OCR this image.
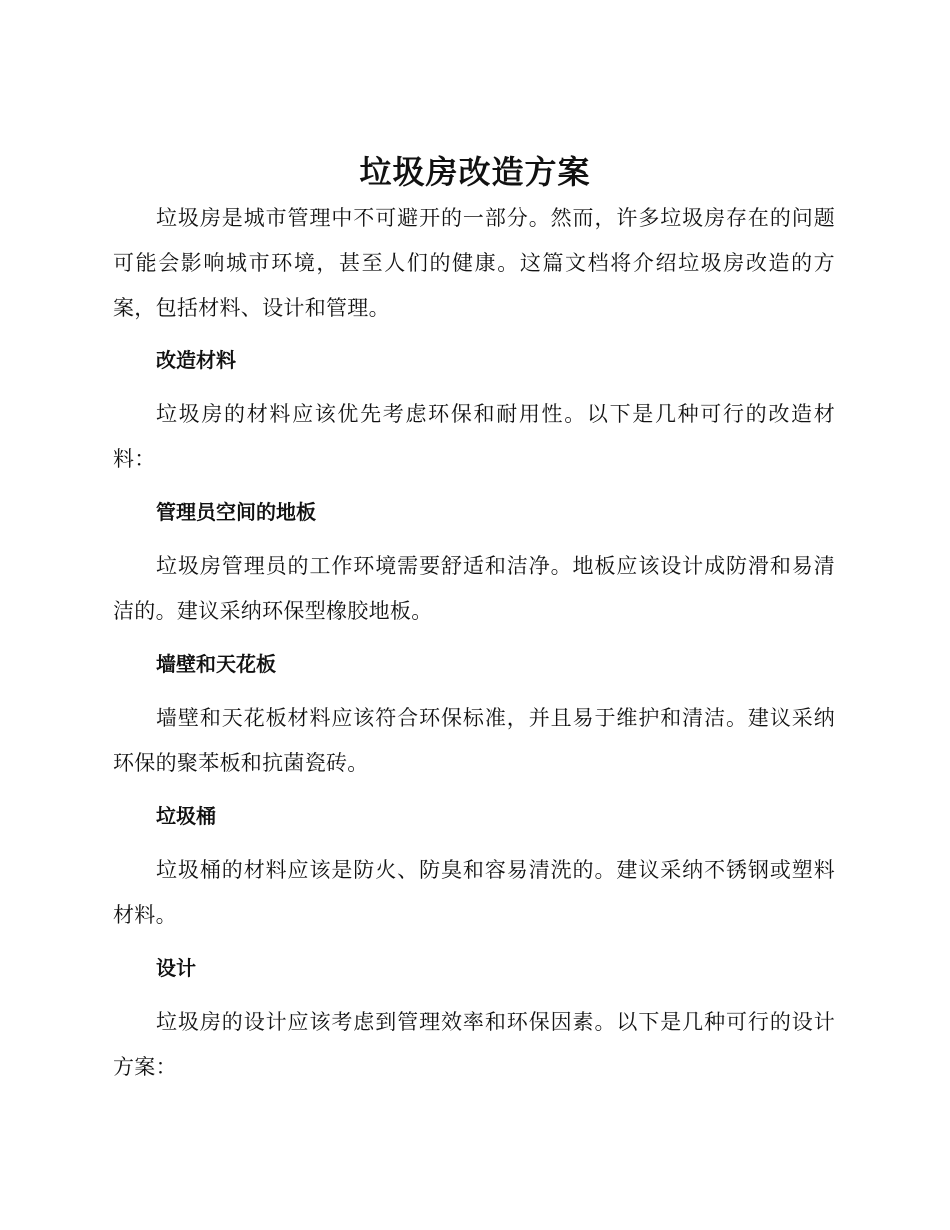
垃圾房改造方案

垃圾房是城市管理中不可避开的一部分。然而，许多垃圾房存在的问题可能会影响城市环境，甚至人们的健康。这篇文档将介绍垃圾房改造的方案，包括材料、设计和管理。

改造材料

垃圾房的材料应该优先考虑环保和耐用性。以下是几种可行的改造材料：

管理员空间的地板

垃圾房管理员的工作环境需要舒适和洁净。地板应该设计成防滑和易清洁的。建议采纳环保型橡胶地板。

墙壁和天花板

墙壁和天花板材料应该符合环保标准，并且易于维护和清洁。建议采纳环保的聚苯板和抗菌瓷砖。

垃圾桶

垃圾桶的材料应该是防火、防臭和容易清洗的。建议采纳不锈钢或塑料材料。

设计

垃圾房的设计应该考虑到管理效率和环保因素。以下是几种可行的设计方案：
